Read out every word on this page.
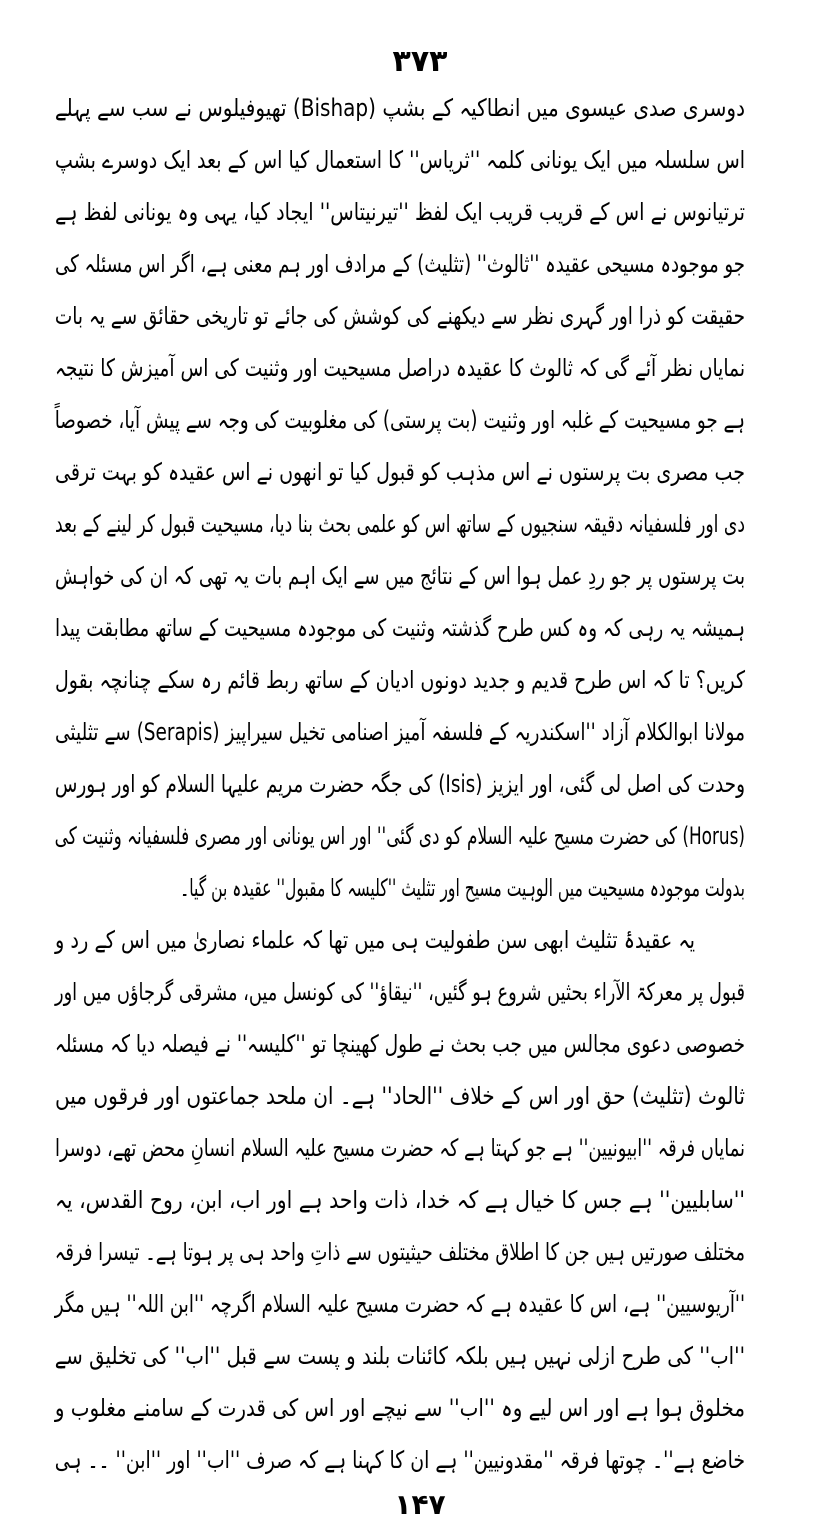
۳۷۳
دوسری صدی عیسوی میں انطاکیہ کے بشپ (Bishap) تھیوفیلوس نے سب سے پہلے
اس سلسلہ میں ایک یونانی کلمہ ''ثریاس'' کا استعمال کیا اس کے بعد ایک دوسرے بشپ
ترتیانوس نے اس کے قریب قریب ایک لفظ ''تیرنیتاس'' ایجاد کیا، یہی وہ یونانی لفظ ہے
جو موجودہ مسیحی عقیدہ ''ثالوث'' (تثلیث) کے مرادف اور ہم معنی ہے، اگر اس مسئلہ کی
حقیقت کو ذرا اور گہری نظر سے دیکھنے کی کوشش کی جائے تو تاریخی حقائق سے یہ بات
نمایاں نظر آئے گی کہ ثالوث کا عقیدہ دراصل مسیحیت اور وثنیت کی اس آمیزش کا نتیجہ
ہے جو مسیحیت کے غلبہ اور وثنیت (بت پرستی) کی مغلوبیت کی وجہ سے پیش آیا، خصوصاً
جب مصری بت پرستوں نے اس مذہب کو قبول کیا تو انھوں نے اس عقیدہ کو بہت ترقی
دی اور فلسفیانہ دقیقہ سنجیوں کے ساتھ اس کو علمی بحث بنا دیا، مسیحیت قبول کر لینے کے بعد
بت پرستوں پر جو ردِ عمل ہوا اس کے نتائج میں سے ایک اہم بات یہ تھی کہ ان کی خواہش
ہمیشہ یہ رہی کہ وہ کس طرح گذشتہ وثنیت کی موجودہ مسیحیت کے ساتھ مطابقت پیدا
کریں؟ تا کہ اس طرح قدیم و جدید دونوں ادیان کے ساتھ ربط قائم رہ سکے چنانچہ بقول
مولانا ابوالکلام آزاد ''اسکندریہ کے فلسفہ آمیز اصنامی تخیل سیراپیز (Serapis) سے تثلیثی
وحدت کی اصل لی گئی، اور ایزیز (Isis) کی جگہ حضرت مریم علیہا السلام کو اور ہورس
(Horus) کی حضرت مسیح علیہ السلام کو دی گئی'' اور اس یونانی اور مصری فلسفیانہ وثنیت کی
بدولت موجودہ مسیحیت میں الوہیت مسیح اور تثلیث ''کلیسہ کا مقبول'' عقیدہ بن گیا۔
یہ عقیدۂ تثلیث ابھی سن طفولیت ہی میں تھا کہ علماء نصاریٰ میں اس کے رد و
قبول پر معرکۃ الآراء بحثیں شروع ہو گئیں، ''نیقاؤ'' کی کونسل میں، مشرقی گرجاؤں میں اور
خصوصی دعوی مجالس میں جب بحث نے طول کھینچا تو ''کلیسہ'' نے فیصلہ دیا کہ مسئلہ
ثالوث (تثلیث) حق اور اس کے خلاف ''الحاد'' ہے۔ ان ملحد جماعتوں اور فرقوں میں
نمایاں فرقہ ''ابیونیین'' ہے جو کہتا ہے کہ حضرت مسیح علیہ السلام انسانِ محض تھے، دوسرا
''سابلیین'' ہے جس کا خیال ہے کہ خدا، ذات واحد ہے اور اب، ابن، روح القدس، یہ
مختلف صورتیں ہیں جن کا اطلاق مختلف حیثیتوں سے ذاتِ واحد ہی پر ہوتا ہے۔ تیسرا فرقہ
''آریوسیین'' ہے، اس کا عقیدہ ہے کہ حضرت مسیح علیہ السلام اگرچہ ''ابن اللہ'' ہیں مگر
''اب'' کی طرح ازلی نہیں ہیں بلکہ کائنات بلند و پست سے قبل ''اب'' کی تخلیق سے
مخلوق ہوا ہے اور اس لیے وہ ''اب'' سے نیچے اور اس کی قدرت کے سامنے مغلوب و
خاضع ہے''۔ چوتھا فرقہ ''مقدونیین'' ہے ان کا کہنا ہے کہ صرف ''اب'' اور ''ابن'' ۔۔ ہی
۱۴۷
